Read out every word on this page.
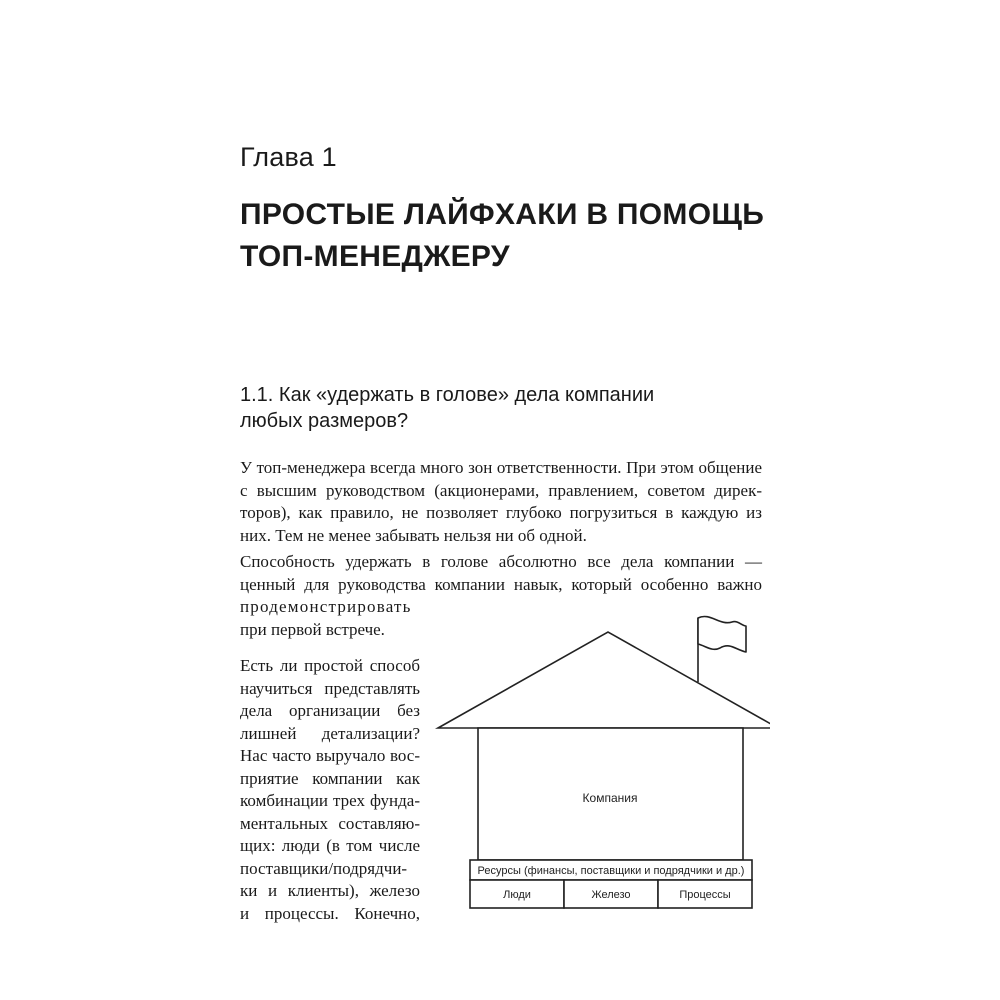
Глава 1
ПРОСТЫЕ ЛАЙФХАКИ В ПОМОЩЬ
ТОП-МЕНЕДЖЕРУ
1.1. Как «удержать в голове» дела компании
любых размеров?
У топ-менеджера всегда много зон ответственности. При этом общение
с высшим руководством (акционерами, правлением, советом дирек-
торов), как правило, не позволяет глубоко погрузиться в каждую из
них. Тем не менее забывать нельзя ни об одной.
Способность удержать в голове абсолютно все дела компании —
ценный для руководства компании навык, который особенно важно
продемонстрировать
при первой встрече.
Есть ли простой способ
научиться представлять
дела организации без
лишней детализации?
Нас часто выручало вос-
приятие компании как
комбинации трех фунда-
ментальных составляю-
щих: люди (в том числе
поставщики/подрядчи-
ки и клиенты), железо
и процессы. Конечно,
Компания
Ресурсы (финансы, поставщики и подрядчики и др.)
Люди	Железо	Процессы
